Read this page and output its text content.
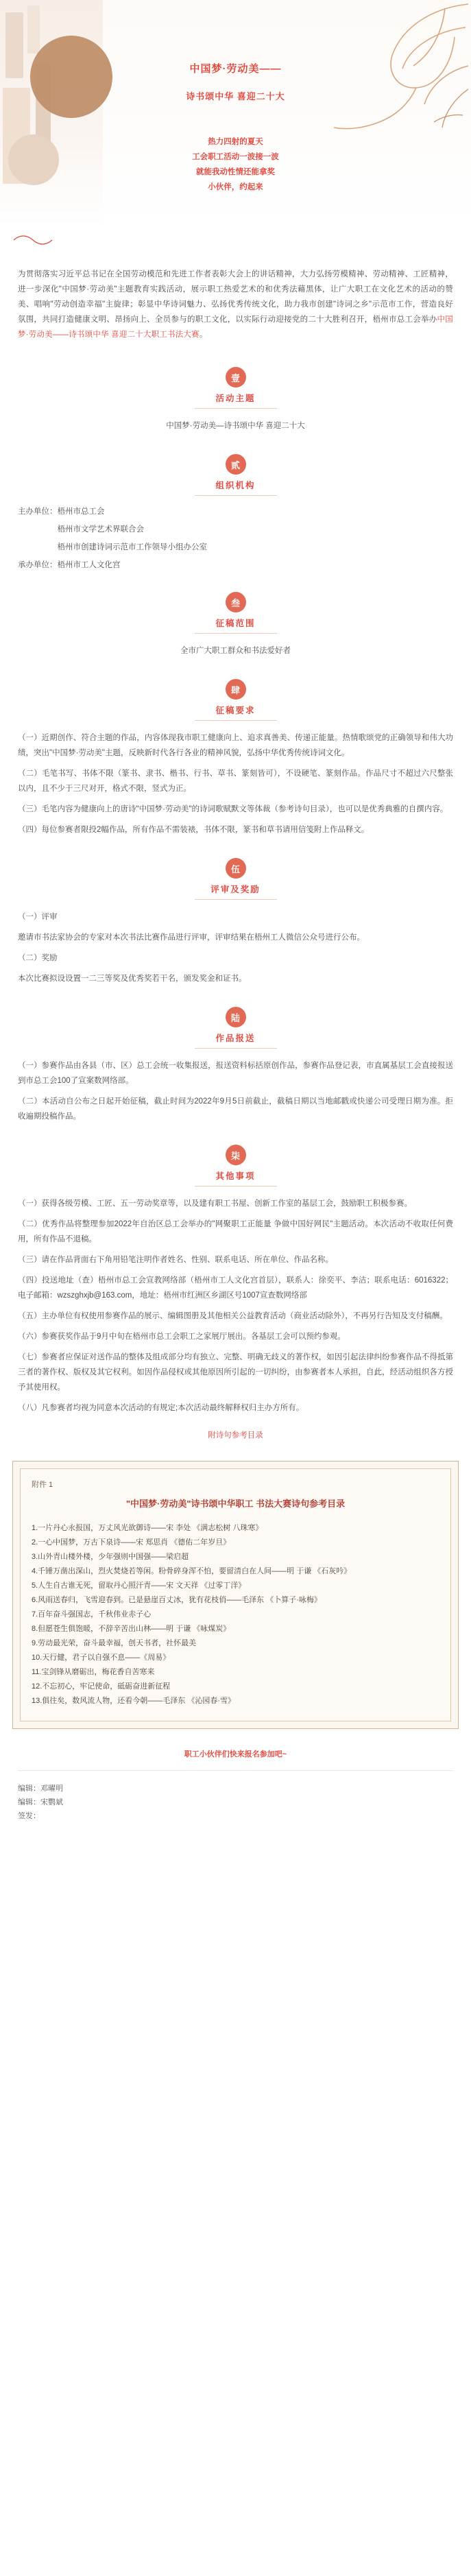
中国梦·劳动美——
诗书颂中华 喜迎二十大
热力四射的夏天
工会职工活动一波接一波
就能我动性情还能拿奖
小伙伴，约起来
为贯彻落实习近平总书记在全国劳动模范和先进工作者表彰大会上的讲话精神，大力弘扬劳模精神、劳动精神、工匠精神，进一步深化"中国梦·劳动美"主题教育实践活动，展示职工热爱艺术的和优秀法藉黑体，让广大职工在文化艺术的活动的赞美、唱响"劳动创造幸福"主旋律；彰显中华诗词魅力、弘扬优秀传统文化，助力我市创建"诗词之乡"示范市工作，营造良好氛围，共同打造健康文明、昂扬向上、全员参与的职工文化，以实际行动迎接党的二十大胜利召开，梧州市总工会举办中国梦·劳动美——诗书颂中华 喜迎二十大职工书法大赛。
壹
活动主题
中国梦·劳动美—诗书颂中华 喜迎二十大
贰
组织机构
主办单位：梧州市总工会
　　　　　梧州市文学艺术界联合会
　　　　　梧州市创建诗词示范市工作领导小组办公室
承办单位：梧州市工人文化宫
叁
征稿范围
全市广大职工群众和书法爱好者
肆
征稿要求
（一）近期创作、符合主题的作品，内容体现我市职工健康向上、追求真善美、传递正能量。热情歌颂党的正确领导和伟大功绩，突出"中国梦·劳动美"主题，反映新时代各行各业的精神风貌，弘扬中华优秀传统诗词文化。
（二）毛笔书写、书体不限（篆书、隶书、楷书、行书、草书、篆刻皆可），不设硬笔、篆刻作品。作品尺寸不超过六尺整张以内，且不少于三尺对开，格式不限，竖式为正。
（三）毛笔内容为健康向上的唐诗"中国梦·劳动美"的诗词歌赋默文等体裁（参考诗句目录），也可以是优秀典雅的自撰内容。
（四）每位参赛者限投2幅作品，所有作品不需装裱，书体不限，篆书和草书请用信笺附上作品释文。
伍
评审及奖励
（一）评审
邀请市书法家协会的专家对本次书法比赛作品进行评审，评审结果在梧州工人微信公众号进行公布。
（二）奖励
本次比赛拟设设置一二三等奖及优秀奖若干名，颁发奖金和证书。
陆
作品报送
（一）参赛作品由各县（市、区）总工会统一收集报送，报送资料标括原创作品，参赛作品登记表，市直属基层工会直接报送到市总工会100了宣案数网络部。
（二）本活动自公布之日起开始征稿，截止时间为2022年9月5日前截止，截稿日期以当地邮戳或快递公司受理日期为准。拒收遍期投稿作品。
柒
其他事项
（一）获得各级劳模、工匠、五一劳动奖章等，以及建有职工书屋、创新工作室的基层工会，鼓励职工积极参赛。
（二）优秀作品将整理参加2022年自治区总工会举办的"网聚职工正能量 争做中国好网民"主题活动。本次活动不收取任何费用，所有作品不退稿。
（三）请在作品背面右下角用铅笔注明作者姓名、性别、联系电话、所在单位、作品名称。
（四）投送地址（查）梧州市总工会宣教网络部（梧州市工人文化宫首层），联系人：徐奕平、李洁；联系电话：6016322；电子邮箱：wzszghxjb@163.com，地址：梧州市红洲区乡湖区号1007宣查数网络部
（五）主办单位有权使用参赛作品的展示、编辑图册及其他相关公益教育活动（商业活动除外），不再另行告知及支付稿酬。
（六）参赛获奖作品于9月中旬在梧州市总工会职工之家展厅展出。各基层工会可以预约参观。
（七）参赛者应保证对送作品的整体及组成部分均有独立、完整、明确无歧义的著作权，如因引起法律纠纷参赛作品不得抵第三者的著作权、版权及其它权利。如因作品侵权或其他原因所引起的一切纠纷，由参赛者本人承担，自此，经活动组织各方授予其使用权。
（八）凡参赛者均视为同意本次活动的有规定;本次活动最终解释权归主办方所有。
附诗句参考目录
附件 1
"中国梦·劳动美"诗书颂中华职工 书法大赛诗句参考目录
1.一片丹心永报国，万丈风光欲御诗——宋 李处 《满志松树 八珠寒》
2.一心中国梦，万古下泉诗——宋 郑思肖 《德佑二年岁旦》
3.山外青山楼外楼，少年强则中国强——梁启超
4.千锤万凿出深山，烈火焚烧若等闲。粉骨碎身浑不怕，要留清白在人间——明 于谦 《石灰吟》
5.人生自古谁无死，留取丹心照汗青——宋 文天祥 《过零丁洋》
6.风雨送春归，飞雪迎春到。已是悬崖百丈冰，犹有花枝俏——毛泽东 《卜算子·咏梅》
7.百年奋斗强国志，千秋伟业赤子心
8.但愿苍生俱饱暖，不辞辛苦出山林——明 于谦 《咏煤炭》
9.劳动最光荣，奋斗最幸福，创天书者，社怀最美
10.天行健，君子以自强不息——《周易》
11.宝剑锋从磨砺出，梅花香自苦寒来
12.不忘初心，牢记使命，砥砺奋进新征程
13.俱往矣，数风流人物，还看今朝——毛泽东 《沁园春·雪》
职工小伙伴们快来报名参加吧~
编辑：邓曜明
编辑：宋鹦斌
签发：
